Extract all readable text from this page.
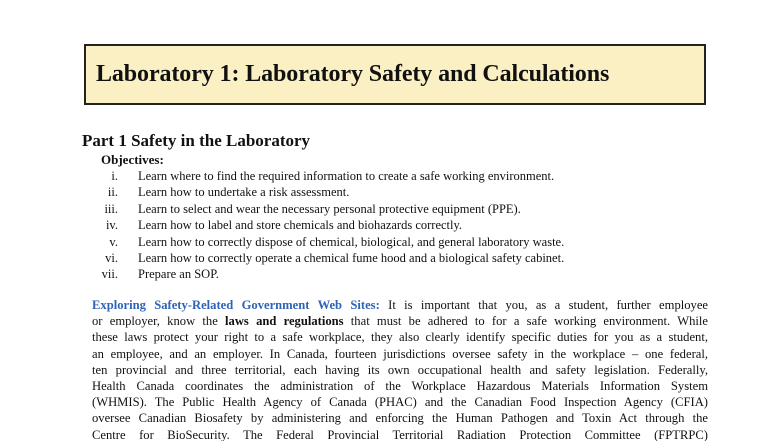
Laboratory 1: Laboratory Safety and Calculations
Part 1 Safety in the Laboratory
Objectives:
i. Learn where to find the required information to create a safe working environment.
ii. Learn how to undertake a risk assessment.
iii. Learn to select and wear the necessary personal protective equipment (PPE).
iv. Learn how to label and store chemicals and biohazards correctly.
v. Learn how to correctly dispose of chemical, biological, and general laboratory waste.
vi. Learn how to correctly operate a chemical fume hood and a biological safety cabinet.
vii. Prepare an SOP.
Exploring Safety-Related Government Web Sites: It is important that you, as a student, further employee
or employer, know the laws and regulations that must be adhered to for a safe working environment. While
these laws protect your right to a safe workplace, they also clearly identify specific duties for you as a student,
an employee, and an employer. In Canada, fourteen jurisdictions oversee safety in the workplace – one federal,
ten provincial and three territorial, each having its own occupational health and safety legislation. Federally,
Health Canada coordinates the administration of the Workplace Hazardous Materials Information System
(WHMIS). The Public Health Agency of Canada (PHAC) and the Canadian Food Inspection Agency (CFIA)
oversee Canadian Biosafety by administering and enforcing the Human Pathogen and Toxin Act through the
Centre for BioSecurity. The Federal Provincial Territorial Radiation Protection Committee (FPTRPC)
